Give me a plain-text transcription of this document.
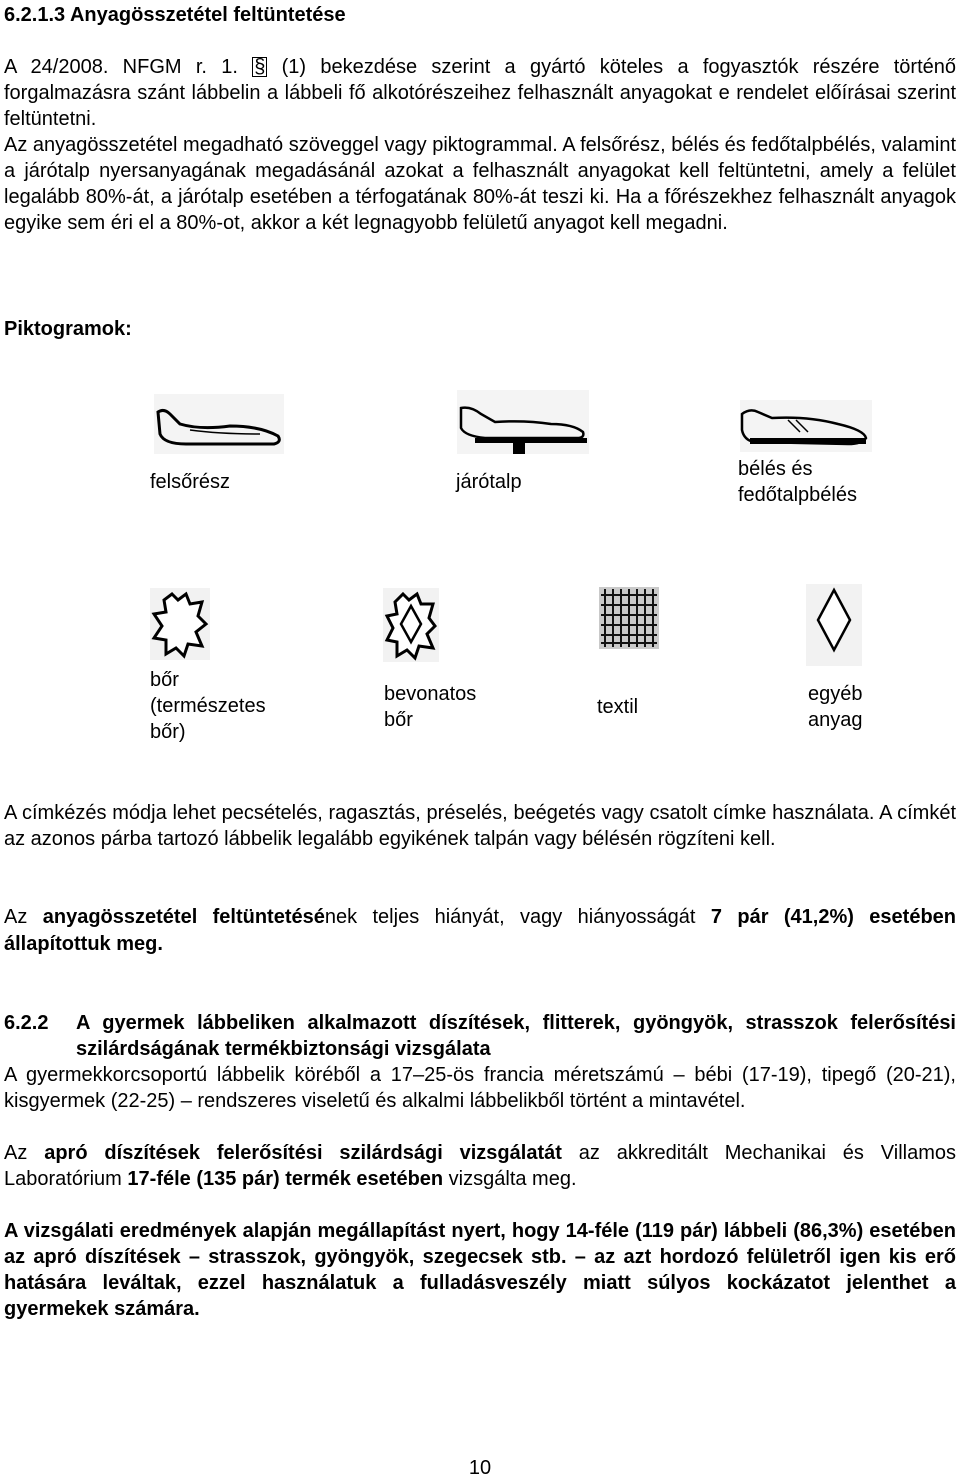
6.2.1.3 Anyagösszetétel feltüntetése
A 24/2008. NFGM r. 1. § (1) bekezdése szerint a gyártó köteles a fogyasztók részére történő forgalmazásra szánt lábbelin a lábbeli fő alkotórészeihez felhasznált anyagokat e rendelet előírásai szerint feltüntetni.
Az anyagösszetétel megadható szöveggel vagy piktogrammal. A felsőrész, bélés és fedőtalpbélés, valamint a járótalp nyersanyagának megadásánál azokat a felhasznált anyagokat kell feltüntetni, amely a felület legalább 80%-át, a járótalp esetében a térfogatának 80%-át teszi ki. Ha a főrészekhez felhasznált anyagok egyike sem éri el a 80%-ot, akkor a két legnagyobb felületű anyagot kell megadni.
Piktogramok:
felsőrész	járótalp
bélés és
fedőtalpbélés
bőr
(természetes
bőr)
bevonatos
bőr
textil
egyéb
anyag
A címkézés módja lehet pecsételés, ragasztás, préselés, beégetés vagy csatolt címke használata. A címkét az azonos párba tartozó lábbelik legalább egyikének talpán vagy bélésén rögzíteni kell.
Az anyagösszetétel feltüntetésének teljes hiányát, vagy hiányosságát 7 pár (41,2%) esetében állapítottuk meg.
6.2.2 A gyermek lábbeliken alkalmazott díszítések, flitterek, gyöngyök, strasszok felerősítési szilárdságának termékbiztonsági vizsgálata
A gyermekkorcsoportú lábbelik köréből a 17–25-ös francia méretszámú – bébi (17-19), tipegő (20-21), kisgyermek (22-25) – rendszeres viseletű és alkalmi lábbelikből történt a mintavétel.
Az apró díszítések felerősítési szilárdsági vizsgálatát az akkreditált Mechanikai és Villamos Laboratórium 17-féle (135 pár) termék esetében vizsgálta meg.
A vizsgálati eredmények alapján megállapítást nyert, hogy 14-féle (119 pár) lábbeli (86,3%) esetében az apró díszítések – strasszok, gyöngyök, szegecsek stb. – az azt hordozó felületről igen kis erő hatására leváltak, ezzel használatuk a fulladásveszély miatt súlyos kockázatot jelenthet a gyermekek számára.
10
